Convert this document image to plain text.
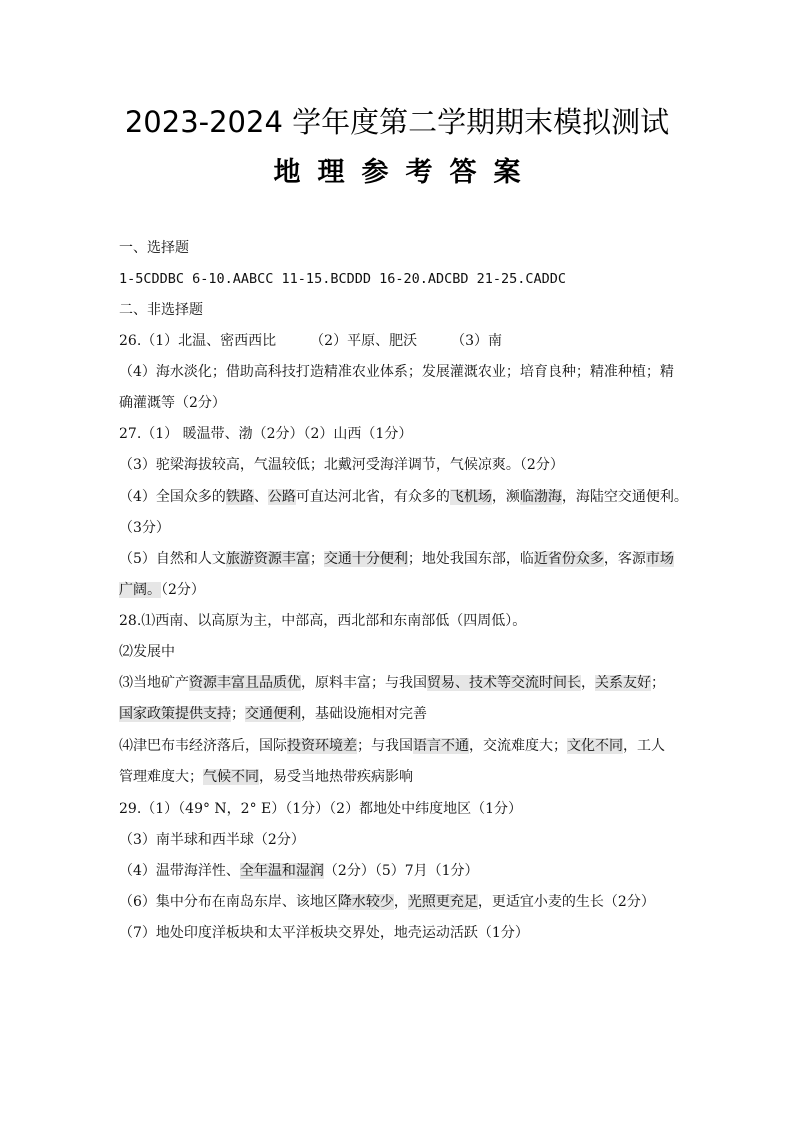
2023-2024 学年度第二学期期末模拟测试
地理参考答案
一、选择题
1-5CDDBC 6-10.AABCC 11-15.BCDDD 16-20.ADCBD 21-25.CADDC
二、非选择题
26.（1）北温、密西西比 （2）平原、肥沃 （3）南
（4）海水淡化；借助高科技打造精准农业体系；发展灌溉农业；培育良种；精准种植；精
确灌溉等（2分）
27.（1） 暖温带、渤（2分）（2）山西（1分）
（3）驼梁海拔较高，气温较低；北戴河受海洋调节，气候凉爽。（2分）
（4）全国众多的铁路、公路可直达河北省，有众多的飞机场，濒临渤海，海陆空交通便利。
（3分）
（5）自然和人文旅游资源丰富；交通十分便利；地处我国东部，临近省份众多，客源市场
广阔。（2分）
28.⑴西南、以高原为主，中部高，西北部和东南部低（四周低）。
⑵发展中
⑶当地矿产资源丰富且品质优，原料丰富；与我国贸易、技术等交流时间长，关系友好；
国家政策提供支持；交通便利，基础设施相对完善
⑷津巴布韦经济落后，国际投资环境差；与我国语言不通，交流难度大；文化不同，工人
管理难度大；气候不同，易受当地热带疾病影响
29.（1）（49° N，2° E）（1分）（2）都地处中纬度地区（1分）
（3）南半球和西半球（2分）
（4）温带海洋性、全年温和湿润（2分）（5）7月（1分）
（6）集中分布在南岛东岸、该地区降水较少，光照更充足，更适宜小麦的生长（2分）
（7）地处印度洋板块和太平洋板块交界处，地壳运动活跃（1分）
